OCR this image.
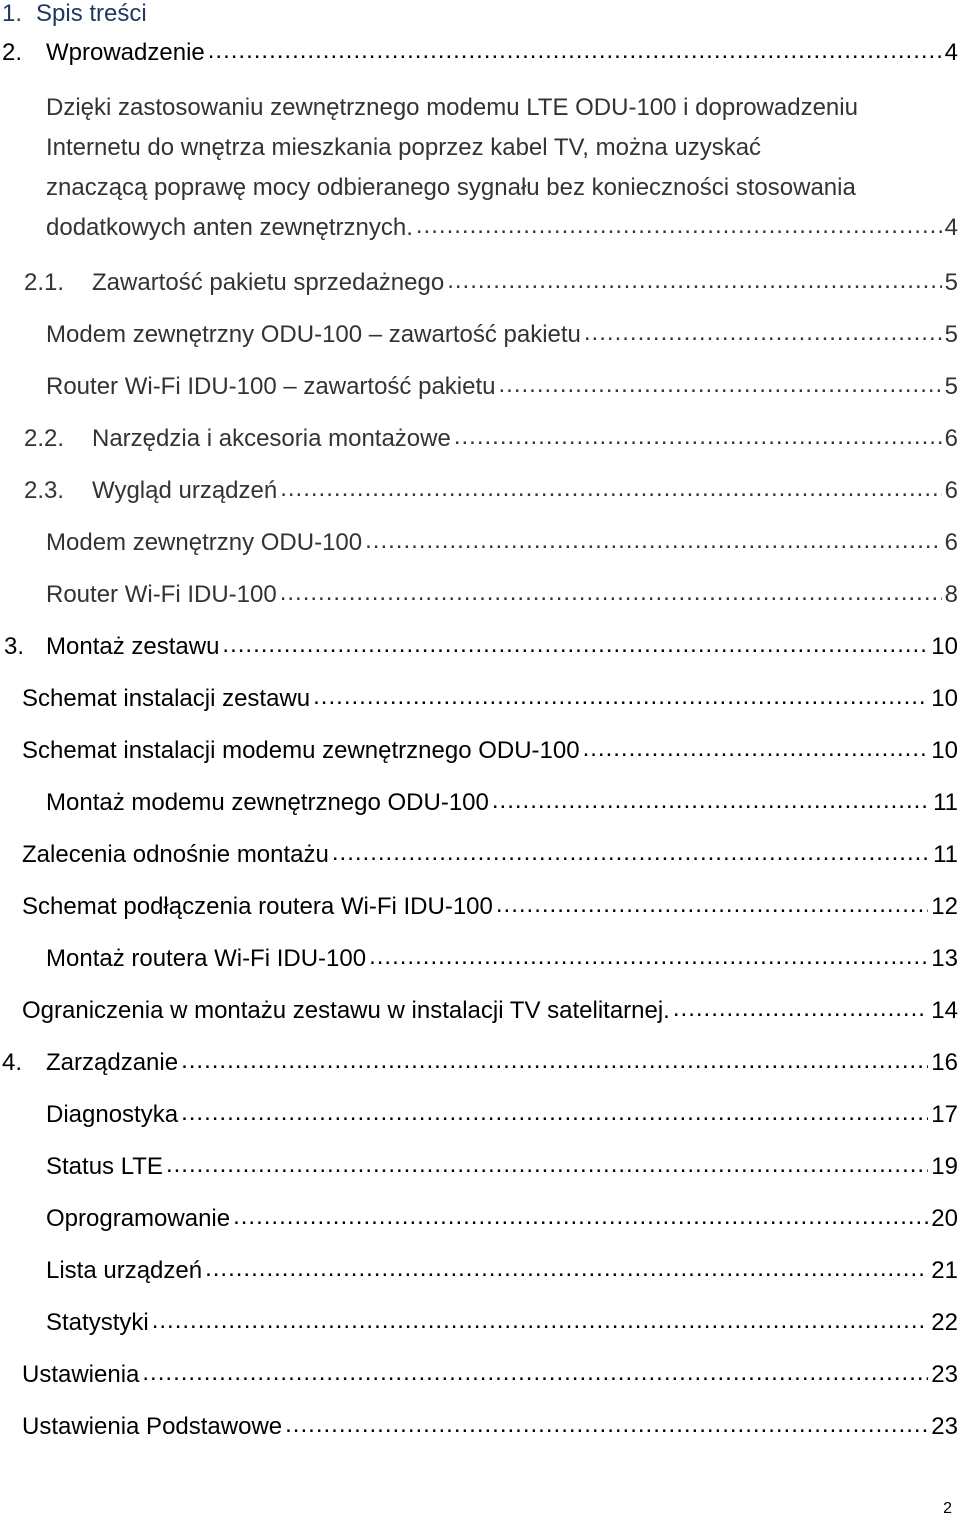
1. Spis treści
2. Wprowadzenie .....	4
Dzięki zastosowaniu zewnętrznego modemu LTE ODU-100 i doprowadzeniu
Internetu do wnętrza mieszkania poprzez kabel TV, można uzyskać
znaczącą poprawę mocy odbieranego sygnału bez konieczności stosowania
dodatkowych anten zewnętrznych. .....	4
2.1. Zawartość pakietu sprzedażnego .....	5
Modem zewnętrzny ODU-100 – zawartość pakietu .....	5
Router Wi-Fi IDU-100 – zawartość pakietu .....	5
2.2. Narzędzia i akcesoria montażowe .....	6
2.3. Wygląd urządzeń .....	6
Modem zewnętrzny ODU-100 .....	6
Router Wi-Fi IDU-100 .....	8
3. Montaż zestawu .....	10
Schemat instalacji zestawu .....	10
Schemat instalacji modemu zewnętrznego ODU-100 .....	10
Montaż modemu zewnętrznego ODU-100 .....	11
Zalecenia odnośnie montażu .....	11
Schemat podłączenia routera Wi-Fi IDU-100 .....	12
Montaż routera Wi-Fi IDU-100 .....	13
Ograniczenia w montażu zestawu w instalacji TV satelitarnej. .....	14
4. Zarządzanie .....	16
Diagnostyka .....	17
Status LTE .....	19
Oprogramowanie .....	20
Lista urządzeń .....	21
Statystyki .....	22
Ustawienia .....	23
Ustawienia Podstawowe .....	23
2
